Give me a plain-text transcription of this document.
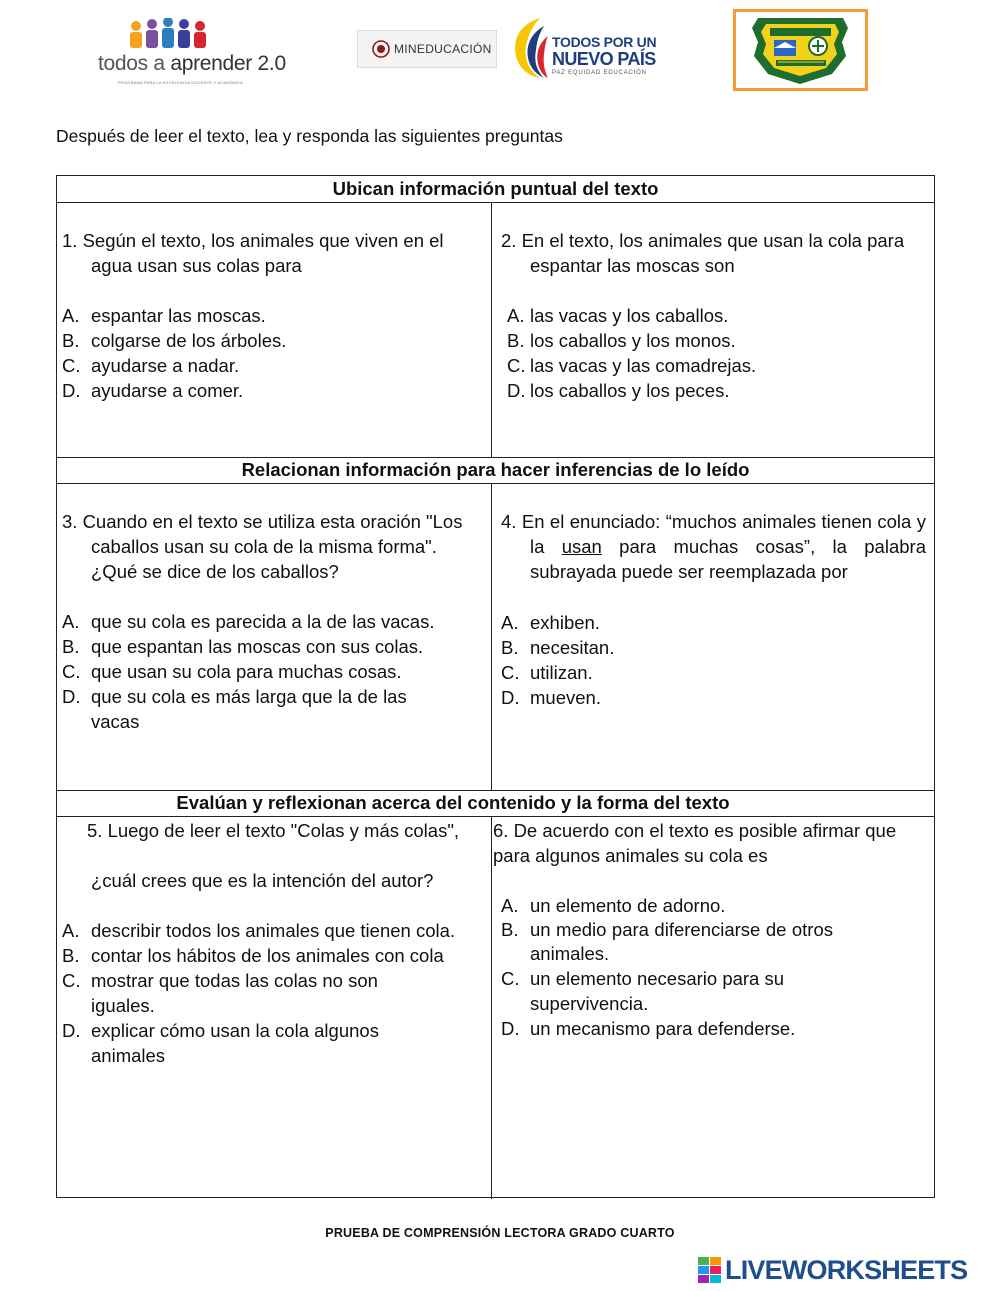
todos a aprender 2.0
PROGRAMA PARA LA EXCELENCIA DOCENTE Y ACADÉMICA
MINEDUCACIÓN	TODOS POR UN
NUEVO PAÍS
PAZ EQUIDAD EDUCACIÓN
Después de leer el texto, lea y responda las siguientes preguntas
Ubican información puntual del texto
Relacionan información para hacer inferencias de lo leído
Evalúan y reflexionan acerca del contenido y la forma del texto
1. Según el texto, los animales que viven en el agua usan sus colas para
A. espantar las moscas.
B. colgarse de los árboles.
C. ayudarse a nadar.
D. ayudarse a comer.
2. En el texto, los animales que usan la cola para espantar las moscas son
A. las vacas y los caballos.
B. los caballos y los monos.
C. las vacas y las comadrejas.
D. los caballos y los peces.
3. Cuando en el texto se utiliza esta oración "Los caballos usan su cola de la misma forma".
¿Qué se dice de los caballos?
A. que su cola es parecida a la de las vacas.
B. que espantan las moscas con sus colas.
C. que usan su cola para muchas cosas.
D. que su cola es más larga que la de las vacas
4. En el enunciado: “muchos animales tienen cola y la usan para muchas cosas”, la palabra subrayada puede ser reemplazada por
A. exhiben.
B. necesitan.
C. utilizan.
D. mueven.
5. Luego de leer el texto "Colas y más colas",
¿cuál crees que es la intención del autor?
A. describir todos los animales que tienen cola.
B. contar los hábitos de los animales con cola
C. mostrar que todas las colas no son iguales.
D. explicar cómo usan la cola algunos animales
6. De acuerdo con el texto es posible afirmar que para algunos animales su cola es
A. un elemento de adorno.
B. un medio para diferenciarse de otros animales.
C. un elemento necesario para su supervivencia.
D. un mecanismo para defenderse.
PRUEBA DE COMPRENSIÓN LECTORA GRADO CUARTO
LIVEWORKSHEETS
